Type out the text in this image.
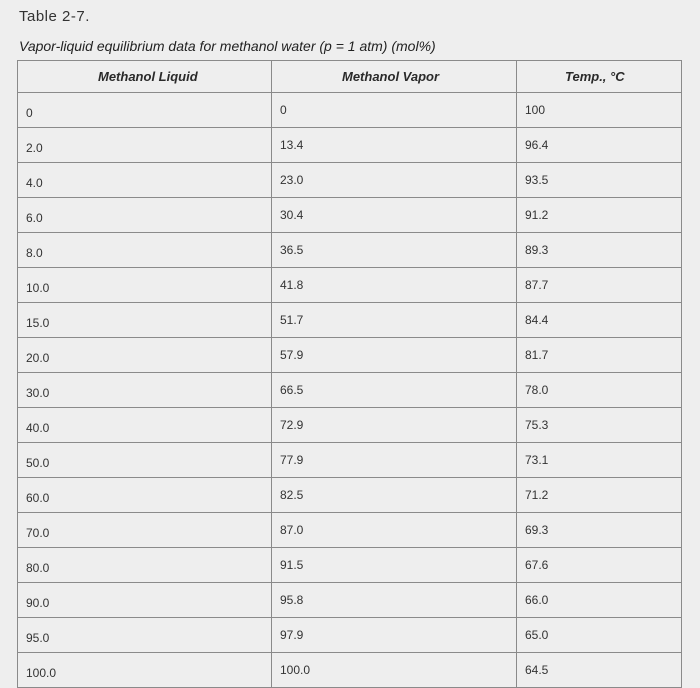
Table 2-7.
Vapor-liquid equilibrium data for methanol water (p = 1 atm) (mol%)
Methanol Liquid	Methanol Vapor	Temp., °C
0	0	100
2.0	13.4	96.4
4.0	23.0	93.5
6.0	30.4	91.2
8.0	36.5	89.3
10.0	41.8	87.7
15.0	51.7	84.4
20.0	57.9	81.7
30.0	66.5	78.0
40.0	72.9	75.3
50.0	77.9	73.1
60.0	82.5	71.2
70.0	87.0	69.3
80.0	91.5	67.6
90.0	95.8	66.0
95.0	97.9	65.0
100.0	100.0	64.5
